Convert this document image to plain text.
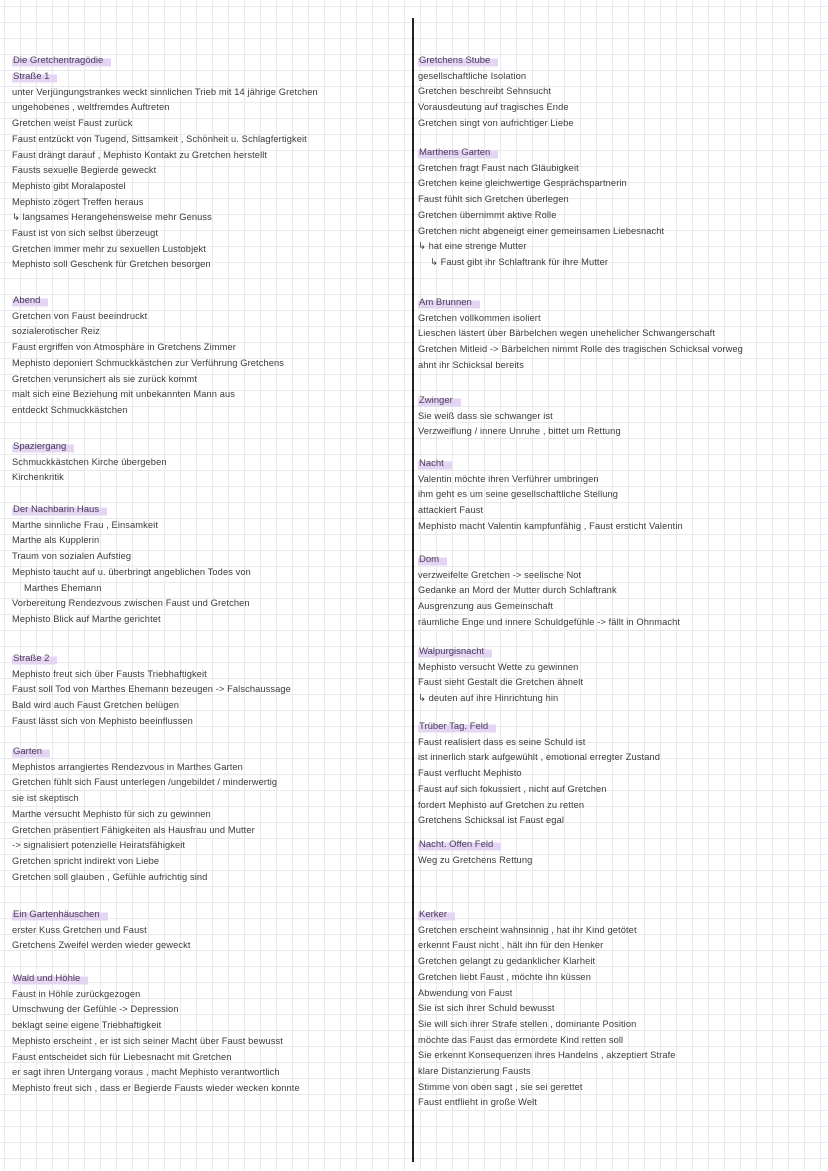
Die Gretchentragödie
Straße 1
unter Verjüngungstrankes weckt sinnlichen Trieb mit 14 jährige Gretchen
ungehobenes , weltfremdes Auftreten
Gretchen weist Faust zurück
Faust entzückt von Tugend, Sittsamkeit , Schönheit u. Schlagfertigkeit
Faust drängt darauf , Mephisto Kontakt zu Gretchen herstellt
Fausts sexuelle Begierde geweckt
Mephisto gibt Moralapostel
Mephisto zögert Treffen heraus
↳ langsames Herangehensweise mehr Genuss
Faust ist von sich selbst überzeugt
Gretchen immer mehr zu sexuellen Lustobjekt
Mephisto soll Geschenk für Gretchen besorgen
Abend
Gretchen von Faust beeindruckt
sozialerotischer Reiz
Faust ergriffen von Atmosphäre in Gretchens Zimmer
Mephisto deponiert Schmuckkästchen zur Verführung Gretchens
Gretchen verunsichert als sie zurück kommt
malt sich eine Beziehung mit unbekannten Mann aus
entdeckt Schmuckkästchen
Spaziergang
Schmuckkästchen Kirche übergeben
Kirchenkritik
Der Nachbarin Haus
Marthe sinnliche Frau , Einsamkeit
Marthe als Kupplerin
Traum von sozialen Aufstieg
Mephisto taucht auf u. überbringt angeblichen Todes von
Marthes Ehemann
Vorbereitung Rendezvous zwischen Faust und Gretchen
Mephisto Blick auf Marthe gerichtet
Straße 2
Mephisto freut sich über Fausts Triebhaftigkeit
Faust soll Tod von Marthes Ehemann bezeugen -> Falschaussage
Bald wird auch Faust Gretchen belügen
Faust lässt sich von Mephisto beeinflussen
Garten
Mephistos arrangiertes Rendezvous in Marthes Garten
Gretchen fühlt sich Faust unterlegen /ungebildet / minderwertig
sie ist skeptisch
Marthe versucht Mephisto für sich zu gewinnen
Gretchen präsentiert Fähigkeiten als Hausfrau und Mutter
-> signalisiert potenzielle Heiratsfähigkeit
Gretchen spricht indirekt von Liebe
Gretchen soll glauben , Gefühle aufrichtig sind
Ein Gartenhäuschen
erster Kuss Gretchen und Faust
Gretchens Zweifel werden wieder geweckt
Wald und Höhle
Faust in Höhle zurückgezogen
Umschwung der Gefühle -> Depression
beklagt seine eigene Triebhaftigkeit
Mephisto erscheint , er ist sich seiner Macht über Faust bewusst
Faust entscheidet sich für Liebesnacht mit Gretchen
er sagt ihren Untergang voraus , macht Mephisto verantwortlich
Mephisto freut sich , dass er Begierde Fausts wieder wecken konnte
Gretchens Stube
gesellschaftliche Isolation
Gretchen beschreibt Sehnsucht
Vorausdeutung auf tragisches Ende
Gretchen singt von aufrichtiger Liebe
Marthens Garten
Gretchen fragt Faust nach Gläubigkeit
Gretchen keine gleichwertige Gesprächspartnerin
Faust fühlt sich Gretchen überlegen
Gretchen übernimmt aktive Rolle
Gretchen nicht abgeneigt einer gemeinsamen Liebesnacht
↳ hat eine strenge Mutter
↳ Faust gibt ihr Schlaftrank für ihre Mutter
Am Brunnen
Gretchen vollkommen isoliert
Lieschen lästert über Bärbelchen wegen unehelicher Schwangerschaft
Gretchen Mitleid -> Bärbelchen nimmt Rolle des tragischen Schicksal vorweg
ahnt ihr Schicksal bereits
Zwinger
Sie weiß dass sie schwanger ist
Verzweiflung / innere Unruhe , bittet um Rettung
Nacht
Valentin möchte ihren Verführer umbringen
ihm geht es um seine gesellschaftliche Stellung
attackiert Faust
Mephisto macht Valentin kampfunfähig , Faust ersticht Valentin
Dom
verzweifelte Gretchen -> seelische Not
Gedanke an Mord der Mutter durch Schlaftrank
Ausgrenzung aus Gemeinschaft
räumliche Enge und innere Schuldgefühle -> fällt in Ohnmacht
Walpurgisnacht
Mephisto versucht Wette zu gewinnen
Faust sieht Gestalt die Gretchen ähnelt
↳ deuten auf ihre Hinrichtung hin
Trüber Tag. Feld
Faust realisiert dass es seine Schuld ist
ist innerlich stark aufgewühlt , emotional erregter Zustand
Faust verflucht Mephisto
Faust auf sich fokussiert , nicht auf Gretchen
fordert Mephisto auf Gretchen zu retten
Gretchens Schicksal ist Faust egal
Nacht. Offen Feld
Weg zu Gretchens Rettung
Kerker
Gretchen erscheint wahnsinnig , hat ihr Kind getötet
erkennt Faust nicht , hält ihn für den Henker
Gretchen gelangt zu gedanklicher Klarheit
Gretchen liebt Faust , möchte ihn küssen
Abwendung von Faust
Sie ist sich ihrer Schuld bewusst
Sie will sich ihrer Strafe stellen , dominante Position
möchte das Faust das ermordete Kind retten soll
Sie erkennt Konsequenzen ihres Handelns , akzeptiert Strafe
klare Distanzierung Fausts
Stimme von oben sagt , sie sei gerettet
Faust entflieht in große Welt
